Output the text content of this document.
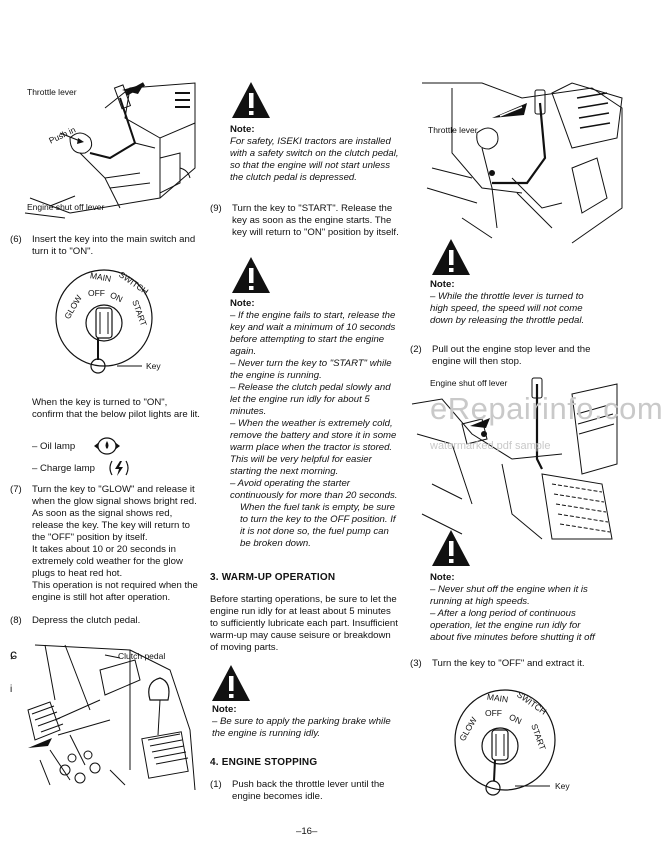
Throttle lever
Push in
Engine shut off lever
(6)	Insert the key into the main switch and turn it to "ON".
MAIN SWITCH
OFF ON
GLOW	START
Key
When the key is turned to "ON", confirm that the below pilot lights are lit.
– Oil lamp
– Charge lamp
(7)	Turn the key to "GLOW" and release it when the glow signal shows bright red.
As soon as the signal shows red, release the key. The key will return to the "OFF" position by itself.
It takes about 10 or 20 seconds in extremely cold weather for the glow plugs to heat red hot.
This operation is not required when the engine is still hot after operation.
(8)	Depress the clutch pedal.
ɕ
i
Clutch pedal
Note:
For safety, ISEKI tractors are installed with a safety switch on the clutch pedal, so that the engine will not start unless the clutch pedal is depressed.
(9)	Turn the key to "START". Release the key as soon as the engine starts. The key will return to "ON" position by itself.
Note:
– If the engine fails to start, release the key and wait a minimum of 10 seconds before attempting to start the engine again.
– Never turn the key to "START" while the engine is running.
– Release the clutch pedal slowly and let the engine run idly for about 5 minutes.
– When the weather is extremely cold, remove the battery and store it in some warm place when the tractor is stored. This will be very helpful for easier starting the next morning.
– Avoid operating the starter continuously for more than 20 seconds.
When the fuel tank is empty, be sure to turn the key to the OFF position. If it is not done so, the fuel pump can be broken down.
3. WARM-UP OPERATION
Before starting operations, be sure to let the engine run idly for at least about 5 minutes to sufficiently lubricate each part. Insufficient warm-up may cause seisure or breakdown of moving parts.
Note:
– Be sure to apply the parking brake while the engine is running idly.
4. ENGINE STOPPING
(1)	Push back the throttle lever until the engine becomes idle.
Throttle lever
Note:
– While the throttle lever is turned to high speed, the speed will not come down by releasing the throttle pedal.
(2)	Pull out the engine stop lever and the engine will then stop.
Engine shut off lever
Note:
– Never shut off the engine when it is running at high speeds.
– After a long period of continuous operation, let the engine run idly for about five minutes before shutting it off
(3)	Turn the key to "OFF" and extract it.
MAIN SWITCH
OFF ON
GLOW	START
Key
eRepairinfo.com
watermarked pdf sample
–16–
